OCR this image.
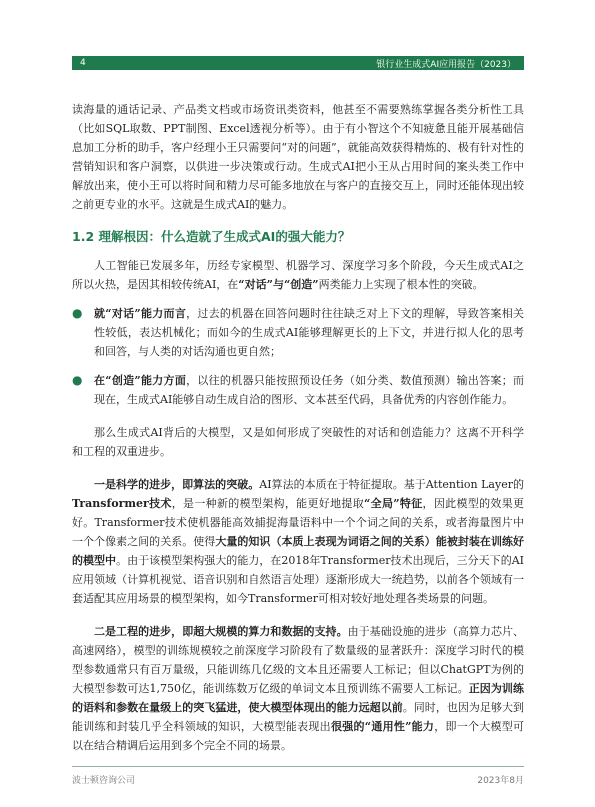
4	银行业生成式AI应用报告（2023）

读海量的通话记录、产品类文档或市场资讯类资料，他甚至不需要熟练掌握各类分析性工具（比如SQL取数、PPT制图、Excel透视分析等）。由于有小智这个不知疲惫且能开展基础信息加工分析的助手，客户经理小王只需要问“对的问题”，就能高效获得精炼的、极有针对性的营销知识和客户洞察，以供进一步决策或行动。生成式AI把小王从占用时间的案头类工作中解放出来，使小王可以将时间和精力尽可能多地放在与客户的直接交互上，同时还能体现出较之前更专业的水平。这就是生成式AI的魅力。

1.2 理解根因：什么造就了生成式AI的强大能力？

人工智能已发展多年，历经专家模型、机器学习、深度学习多个阶段，今天生成式AI之所以火热，是因其相较传统AI，在“对话”与“创造”两类能力上实现了根本性的突破。

●	就“对话”能力而言，过去的机器在回答问题时往往缺乏对上下文的理解，导致答案相关性较低，表达机械化；而如今的生成式AI能够理解更长的上下文，并进行拟人化的思考和回答，与人类的对话沟通也更自然；

●	在“创造”能力方面，以往的机器只能按照预设任务（如分类、数值预测）输出答案；而现在，生成式AI能够自动生成自洽的图形、文本甚至代码，具备优秀的内容创作能力。

那么生成式AI背后的大模型，又是如何形成了突破性的对话和创造能力？这离不开科学和工程的双重进步。

一是科学的进步，即算法的突破。AI算法的本质在于特征提取。基于Attention Layer的Transformer技术，是一种新的模型架构，能更好地提取“全局”特征，因此模型的效果更好。Transformer技术使机器能高效捕捉海量语料中一个个词之间的关系，或者海量图片中一个个像素之间的关系。使得大量的知识（本质上表现为词语之间的关系）能被封装在训练好的模型中。由于该模型架构强大的能力，在2018年Transformer技术出现后，三分天下的AI应用领域（计算机视觉、语音识别和自然语言处理）逐渐形成大一统趋势，以前各个领域有一套适配其应用场景的模型架构，如今Transformer可相对较好地处理各类场景的问题。

二是工程的进步，即超大规模的算力和数据的支持。由于基础设施的进步（高算力芯片、高速网络），模型的训练规模较之前深度学习阶段有了数量级的显著跃升：深度学习时代的模型参数通常只有百万量级，只能训练几亿级的文本且还需要人工标记；但以ChatGPT为例的大模型参数可达1,750亿，能训练数万亿级的单词文本且预训练不需要人工标记。正因为训练的语料和参数在量级上的突飞猛进，使大模型体现出的能力远超以前。同时，也因为足够大到能训练和封装几乎全科领域的知识，大模型能表现出很强的“通用性”能力，即一个大模型可以在结合精调后运用到多个完全不同的场景。

波士顿咨询公司	2023年8月
